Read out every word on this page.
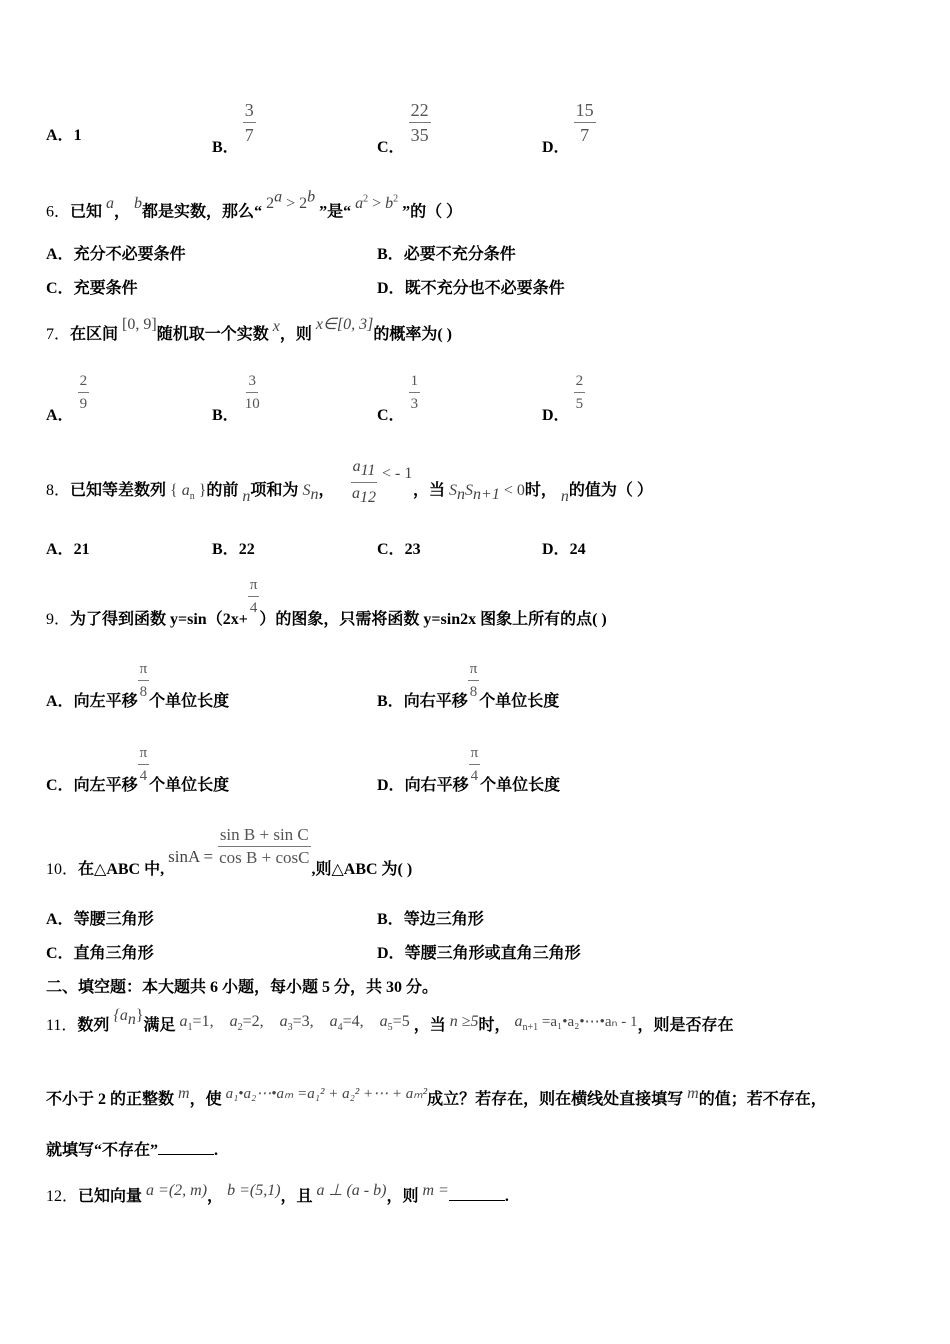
A．1
B．
$\frac{3}{7}$
C．
$\frac{22}{35}$
D．
$\frac{15}{7}$
6．已知 a， b都是实数，那么“ $2^a > 2^b$ ”是“ $a^2 > b^2$ ”的（ ）
A．充分不必要条件	B．必要不充分条件
C．充要条件	D．既不充分也不必要条件
7．在区间 [0, 9]随机取一个实数 x，则 x∈[0, 3]的概率为( )
A．
$\frac{2}{9}$
B．
$\frac{3}{10}$
C．
$\frac{1}{3}$
D．
$\frac{2}{5}$
8．已知等差数列 { $a_n$ }的前 n项和为 $S_n$， $\frac{a_{11}}{a_{12}}$ < - 1
，当 $S_nS_{n+1} < 0$时， n的值为（ ）
A．21	B．22	C．23	D．24
9．为了得到函数 y=sin（2x+
$\frac{\pi}{4}$
）的图象，只需将函数 y=sin2x 图象上所有的点( )
A．向左平移
$\frac{\pi}{8}$
个单位长度	B．向右平移
$\frac{\pi}{8}$
个单位长度
C．向左平移
$\frac{\pi}{4}$
个单位长度	D．向右平移
$\frac{\pi}{4}$
个单位长度
10．在△ABC 中, $\sin A = \frac{\text{sin B + sin C}}{\text{cos B + cosC}}$
,则△ABC 为( )
A．等腰三角形	B．等边三角形
C．直角三角形	D．等腰三角形或直角三角形
二、填空题：本大题共 6 小题，每小题 5 分，共 30 分。
11．数列 $\{a_n\}$满足 $a_1=1$, $a_2=2$, $a_3=3$, $a_4=4$, $a_5=5$ ，当 n ≥5时， $a_{n+1}$ =a₁•a₂•⋯•aₙ - 1，则是否存在
不小于 2 的正整数 m，使 a₁•a₂⋯•aₘ =a₁² + a₂² +⋯ + aₘ²成立？若存在，则在横线处直接填写 m的值；若不存在，
就填写“不存在”	.
12．已知向量 a =(2, m)， b =(5,1)，且 a ⊥ (a - b)，则 m =	.
